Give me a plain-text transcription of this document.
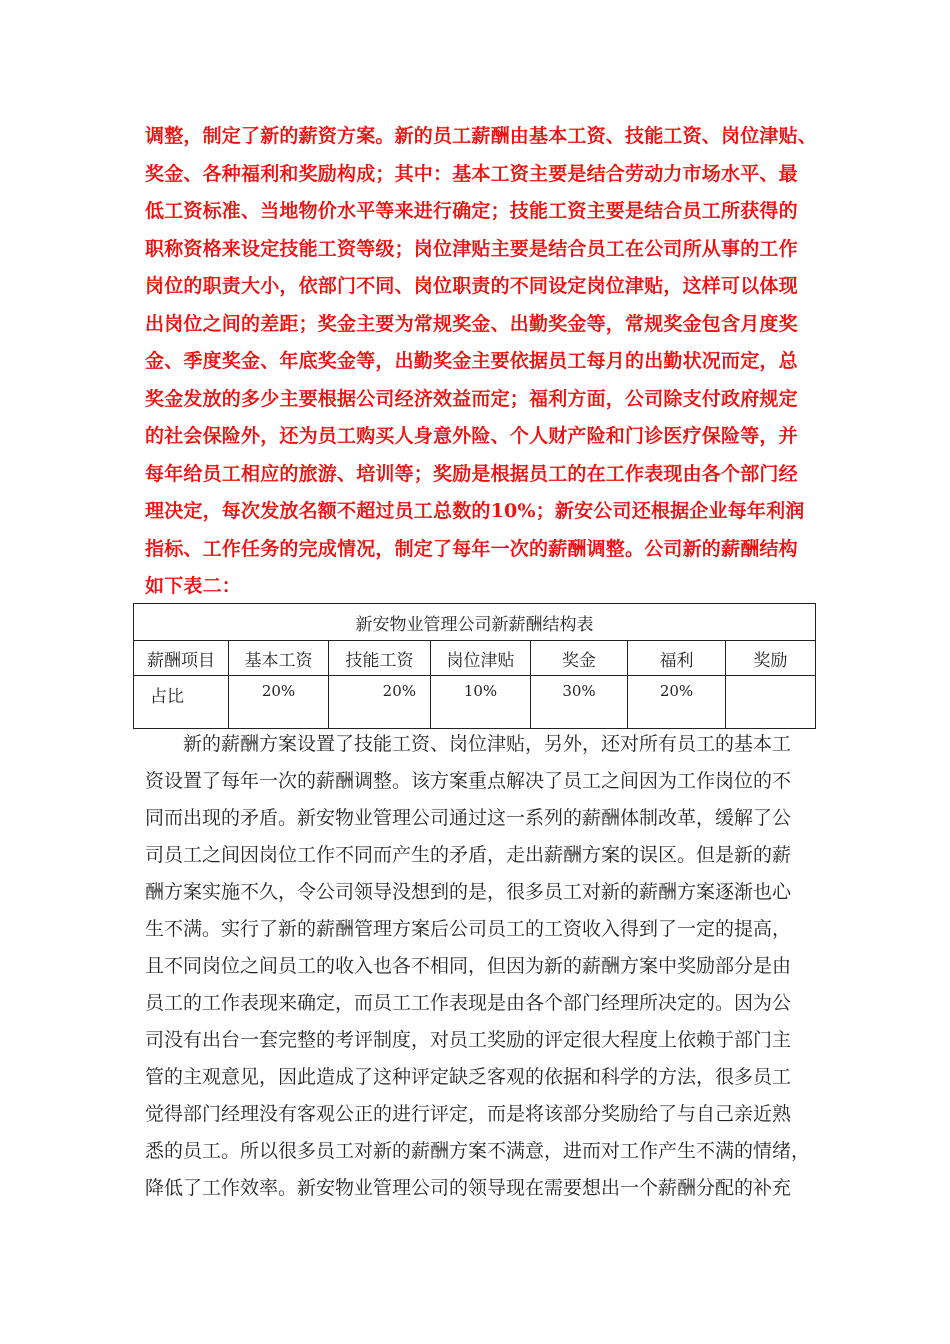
调整，制定了新的薪资方案。新的员工薪酬由基本工资、技能工资、岗位津贴、
奖金、各种福利和奖励构成；其中：基本工资主要是结合劳动力市场水平、最
低工资标准、当地物价水平等来进行确定；技能工资主要是结合员工所获得的
职称资格来设定技能工资等级；岗位津贴主要是结合员工在公司所从事的工作
岗位的职责大小，依部门不同、岗位职责的不同设定岗位津贴，这样可以体现
出岗位之间的差距；奖金主要为常规奖金、出勤奖金等，常规奖金包含月度奖
金、季度奖金、年底奖金等，出勤奖金主要依据员工每月的出勤状况而定，总
奖金发放的多少主要根据公司经济效益而定；福利方面，公司除支付政府规定
的社会保险外，还为员工购买人身意外险、个人财产险和门诊医疗保险等，并
每年给员工相应的旅游、培训等；奖励是根据员工的在工作表现由各个部门经
理决定，每次发放名额不超过员工总数的10%；新安公司还根据企业每年利润
指标、工作任务的完成情况，制定了每年一次的薪酬调整。公司新的薪酬结构
如下表二：
新安物业管理公司新薪酬结构表						
薪酬项目	基本工资	技能工资	岗位津贴	奖金	福利	奖励
占比	20%	20%	10%	30%	20%	
　　新的薪酬方案设置了技能工资、岗位津贴，另外，还对所有员工的基本工
资设置了每年一次的薪酬调整。该方案重点解决了员工之间因为工作岗位的不
同而出现的矛盾。新安物业管理公司通过这一系列的薪酬体制改革，缓解了公
司员工之间因岗位工作不同而产生的矛盾，走出薪酬方案的误区。但是新的薪
酬方案实施不久，令公司领导没想到的是，很多员工对新的薪酬方案逐渐也心
生不满。实行了新的薪酬管理方案后公司员工的工资收入得到了一定的提高，
且不同岗位之间员工的收入也各不相同，但因为新的薪酬方案中奖励部分是由
员工的工作表现来确定，而员工工作表现是由各个部门经理所决定的。因为公
司没有出台一套完整的考评制度，对员工奖励的评定很大程度上依赖于部门主
管的主观意见，因此造成了这种评定缺乏客观的依据和科学的方法，很多员工
觉得部门经理没有客观公正的进行评定，而是将该部分奖励给了与自己亲近熟
悉的员工。所以很多员工对新的薪酬方案不满意，进而对工作产生不满的情绪，
降低了工作效率。新安物业管理公司的领导现在需要想出一个薪酬分配的补充
